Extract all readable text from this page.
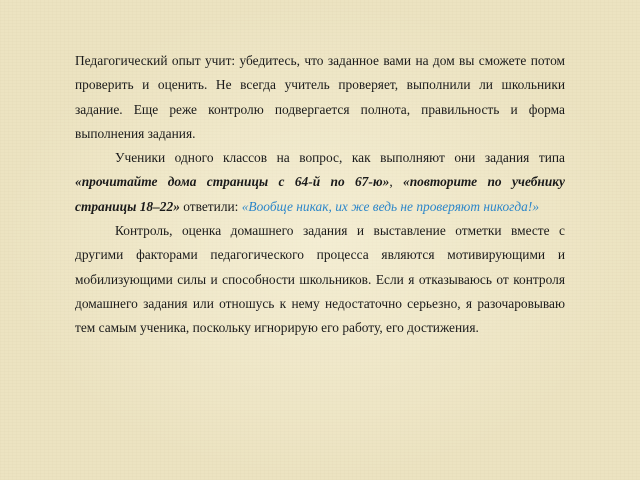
Педагогический опыт учит: убедитесь, что заданное вами на дом вы сможете потом проверить и оценить. Не всегда учитель проверяет, выполнили ли школьники задание. Еще реже контролю подвергается полнота, правильность и форма выполнения задания.

Ученики одного классов на вопрос, как выполняют они задания типа «прочитайте дома страницы с 64-й по 67-ю», «повторите по учебнику страницы 18–22» ответили: «Вообще никак, их же ведь не проверяют никогда!»

Контроль, оценка домашнего задания и выставление отметки вместе с другими факторами педагогического процесса являются мотивирующими и мобилизующими силы и способности школьников. Если я отказываюсь от контроля домашнего задания или отношусь к нему недостаточно серьезно, я разочаровываю тем самым ученика, поскольку игнорирую его работу, его достижения.
